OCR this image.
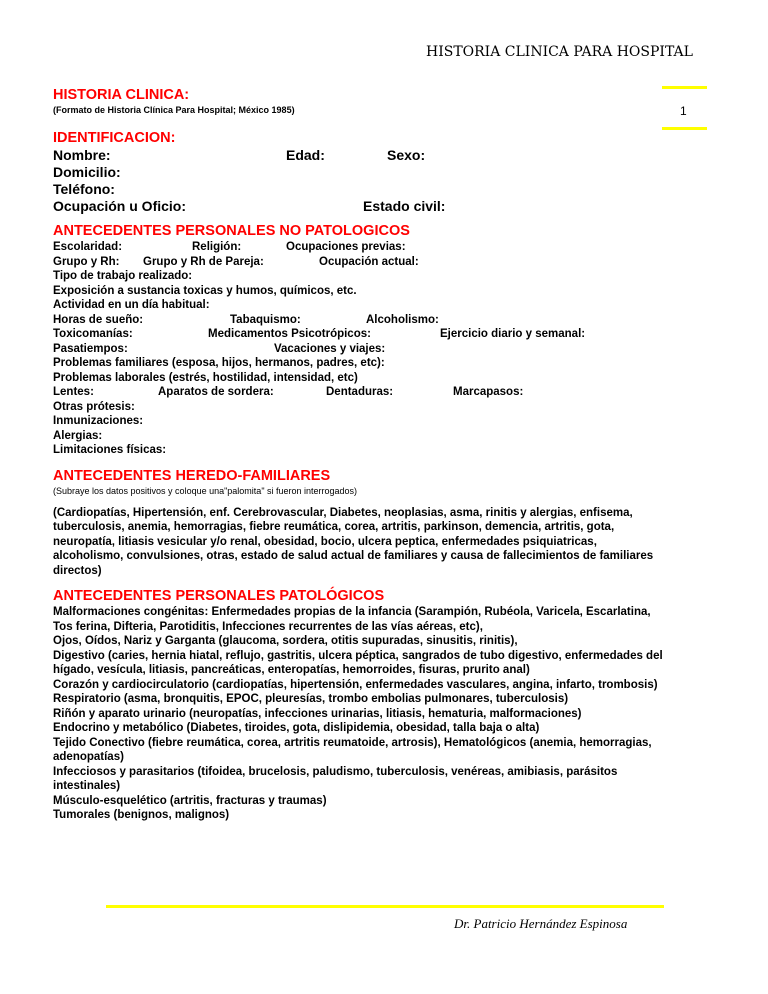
HISTORIA CLINICA PARA HOSPITAL
1
HISTORIA CLINICA:
(Formato de Historia Clínica Para Hospital; México 1985)
IDENTIFICACION:
Nombre:	Edad:	Sexo:
Domicilio:
Teléfono:
Ocupación u Oficio:	Estado civil:
ANTECEDENTES PERSONALES NO PATOLOGICOS
Escolaridad:	Religión:	Ocupaciones previas:
Grupo y Rh: Grupo y Rh de Pareja:	Ocupación actual:
Tipo de trabajo realizado:
Exposición a sustancia toxicas y humos, químicos, etc.
Actividad en un día habitual:
Horas de sueño:	Tabaquismo:	Alcoholismo:
Toxicomanías:	Medicamentos Psicotrópicos:	Ejercicio diario y semanal:
Pasatiempos:	Vacaciones y viajes:
Problemas familiares (esposa, hijos, hermanos, padres, etc):
Problemas laborales (estrés, hostilidad, intensidad, etc)
Lentes:	Aparatos de sordera:	Dentaduras:	Marcapasos:
Otras prótesis:
Inmunizaciones:
Alergias:
Limitaciones físicas:
ANTECEDENTES HEREDO-FAMILIARES
(Subraye los datos positivos y coloque una"palomita" si fueron interrogados)
(Cardiopatías, Hipertensión, enf. Cerebrovascular, Diabetes, neoplasias, asma, rinitis y alergias, enfisema, tuberculosis, anemia, hemorragias, fiebre reumática, corea, artritis, parkinson, demencia, artritis, gota, neuropatía, litiasis vesicular y/o renal, obesidad, bocio, ulcera peptica, enfermedades psiquiatricas, alcoholismo, convulsiones, otras, estado de salud actual de familiares y causa de fallecimientos de familiares directos)
ANTECEDENTES PERSONALES PATOLÓGICOS
Malformaciones congénitas: Enfermedades propias de la infancia (Sarampión, Rubéola, Varicela, Escarlatina, Tos ferina, Difteria, Parotiditis, Infecciones recurrentes de las vías aéreas, etc),
Ojos, Oídos, Nariz y Garganta (glaucoma, sordera, otitis supuradas, sinusitis, rinitis),
Digestivo (caries, hernia hiatal, reflujo, gastritis, ulcera péptica, sangrados de tubo digestivo, enfermedades del hígado, vesícula, litiasis, pancreáticas, enteropatías, hemorroides, fisuras, prurito anal)
Corazón y cardiocirculatorio (cardiopatías, hipertensión, enfermedades vasculares, angina, infarto, trombosis)
Respiratorio (asma, bronquitis, EPOC, pleuresías, trombo embolias pulmonares, tuberculosis)
Riñón y aparato urinario (neuropatías, infecciones urinarias, litiasis, hematuria, malformaciones)
Endocrino y metabólico (Diabetes, tiroides, gota, dislipidemia, obesidad, talla baja o alta)
Tejido Conectivo (fiebre reumática, corea, artritis reumatoide, artrosis), Hematológicos (anemia, hemorragias, adenopatías)
Infecciosos y parasitarios (tifoidea, brucelosis, paludismo, tuberculosis, venéreas, amibiasis, parásitos intestinales)
Músculo-esquelético (artritis, fracturas y traumas)
Tumorales (benignos, malignos)
Dr. Patricio Hernández Espinosa
